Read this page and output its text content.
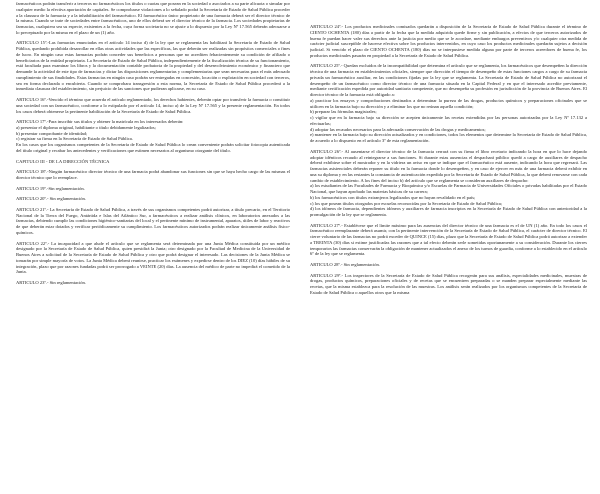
farmacéuticos podrán transferir a terceros no farmacéuticos los títulos o cuotas que posean en la sociedad o asociarlos a su parte alícuota o simular por cualquier medio la efectiva aportación de capitales. Se comprobarse violaciones a lo señalado podrá la Secretaría de Estado de Salud Pública proceder a la clausura de la farmacia y a la inhabilitación del farmacéutico. El farmacéutico único propietario de una farmacia deberá ser el director técnico de la misma. Cuando se trate de sociedades entre farmacéuticos, uno de ellos deberá ser el director técnico de la farmacia. Los sociedades propietarias de farmacias, cualquiera sea su especie, existentes a la fecha, cuya forma societaria no se ajuste a lo dispuesto por la Ley Nº 17.565 deberán adecuarse a lo preceptuado por la misma en el plazo de un (1) año.

ARTICULO 15º.-Las farmacias enunciadas en el artículo 14 inciso d) de la ley que se reglamenta las habilitará la Secretaría de Estado de Salud Pública, quedando prohibida desarrollar en ellas otras actividades que las específicas, las que deberán ser realizadas sin propósitos comerciales o fines de lucro. En ningún caso estas farmacias podrán conceder sus beneficios a personas que no acrediten fehacientemente su condición de afiliado o beneficiarios de la entidad propietaria. La Secretaría de Estado de Salud Pública, independientemente de la fiscalización técnica de su funcionamiento, está facultada para examinar los libros y la documentación contable probatoria de la propiedad y del desenvolvimiento económico y financiero que demande la actividad de este tipo de farmacias y dictar las disposiciones reglamentarias y complementarias que sean necesarias para el más adecuado cumplimiento de sus finalidades. Estas farmacias en ningún caso podrán ser entregadas en concesión, locación o explotación en sociedad con terceros, sea en forma declarada o encubierta. Cuando se comprobara transgresión a esta norma, la Secretaría de Estado de Salud Pública procederá a la inmediata clausura del establecimiento, sin perjuicio de las sanciones que pudieran aplicarse, en su caso.

ARTICULO 16º.-Vencido el término que acuerda el artículo reglamentado, los derechos habientes, deberán optar por transferir la farmacia o constituir una sociedad con un farmacéutico, conforme a lo estipulado por el artículo 14, inciso a) de la Ley Nº 17.565 y la presente reglamentación. En todos los casos deberá obtenerse la pertinente habilitación de la Secretaría de Estado de Salud Pública.

ARTICULO 17º.-Para inscribir sus títulos y obtener la matrícula en los interesados deberán:
a) presentar el diploma original, habilitante o título debidamente legalizados;
b) presentar comprobante de identidad;
c) registrar su firma en la Secretaría de Estado de Salud Pública.
En los casos que los organismos competentes de la Secretaría de Estado de Salud Pública lo crean conveniente podrán solicitar fotocopia autenticada del título original y recabar los antecedentes y verificaciones que estimen necesarios al organismo otorgante del título.

CAPITULO III - DE LA DIRECCIÓN TÉCNICA

ARTICULO 18º.-Ningún farmacéutico director técnico de una farmacia podrá abandonar sus funciones sin que se haya hecho cargo de las mismas el director técnico que lo reemplace.

ARTICULO 19º.-Sin reglamentación.

ARTICULO 20º.- Sin reglamentación.

ARTICULO 21º.- La Secretaría de Estado de Salud Pública, a través de sus organismos competentes podrá autorizar, a título precario, en el Territorio Nacional de la Tierra del Fuego, Antártida e Islas del Atlántico Sur, a farmacéuticos a realizar análisis clínicos, en laboratorios anexados a las farmacias, debiendo cumplir las condiciones higiénico-sanitarias del local y el pertinente mínimo de instrumental, aparatos, útiles de labor y reactivos de que deberán estar dotados y verificar periódicamente su cumplimiento. Los farmacéuticos autorizados podrán realizar únicamente análisis físico-químicos.

ARTICULO 22º.- La incapacidad a que alude el artículo que se reglamenta será determinada por una Junta Médica constituida por un médico designado por la Secretaría de Estado de Salud Pública, quien presidirá la Junta; otro designado por la Facultad de Medicina de la Universidad de Buenos Aires a solicitud de la Secretaría de Estado de Salud Pública y otro que podrá designar el interesado. Las decisiones de la Junta Médica se tomarán por simple mayoría de votos. La Junta Médica deberá reunirse, practicar los exámenes y expedirse dentro de los DIEZ (10) días hábiles de su integración, plazo que por razones fundadas podrá ser prorrogado a VEINTE (20) días. La ausencia del médico de parte no impedirá el cometido de la Junta.

ARTICULO 23º.- Sin reglamentación.

ARTICULO 24º.- Los productos medicinales comisados quedarán a disposición de la Secretaría de Estado de Salud Pública durante el término de CIENTO OCHENTA (180) días a partir de la fecha que la medida adquirida quede firme y sin publicación, a efectos de que terceros autorizados de buena fe puedan hacer valer sus derechos ante la justicia por medio que se le acordare, mediante embargos preventivos y/o cualquier otra medida de carácter judicial susceptible de hacerse efectiva sobre los productos intervenidos, en cuyo caso los productos medicinales quedarán sujetos a decisión judicial. Si vencido el plazo de CIENTO OCHENTA (180) días no se interpusiese medida alguna por parte de terceros acreedores de buena fe, los productos medicinales pasarán en propiedad a la Secretaría de Estado de Salud Pública.

ARTICULO 25º.- Quedan excluidos de la incompatibilidad que determina el artículo que se reglamenta, los farmacéuticos que desempeñen la dirección técnica de una farmacia en establecimientos oficiales, siempre que dirección el tiempo de desempeño de estas funciones cargos a cargo de su farmacia privada un farmacéutico auxiliar, en las condiciones fijadas por la ley que se reglamenta. La Secretaría de Estado de Salud Pública no autorizará el desempeño de un farmacéutico como director técnico de una farmacia situada en la Capital Federal y en que el interesado acredite previamente, mediante certificación expedida por autoridad sanitaria competente, que no desempeña su profesión en jurisdicción de la provincia de Buenos Aires. El director técnico de la farmacia está obligado a:
a) practicar los ensayos y comprobaciones destinados a determinar la pureza de las drogas, productos químicos y preparaciones oficinales que se utilicen en la farmacia bajo su dirección y a eliminar los que no reúnan aquella condición;
b) preparar las fórmulas magistrales;
c) vigilar que en la farmacia bajo su dirección se acepten únicamente las recetas extendidas por las personas autorizadas por la Ley Nº 17.132 a efectuarlas;
d) adoptar las recaudos necesarios para la adecuada conservación de las drogas y medicamentos;
e) mantener en la farmacia bajo su dirección actualizados y en condiciones, todos los elementos que determine la Secretaría de Estado de Salud Pública, de acuerdo a lo dispuesto en el artículo 3º de esta reglamentación.
ARTICULO 26º.- Al ausentarse el director técnico de la farmacia cerrará con su firma el libro recetario indicando la hora en que lo hace dejando adoptar idénticos recaudo al reintegrarse a sus funciones. Si durante estas ausencias el despachará público quedó a cargo de auxiliares de despacho deberá exhibirse sobre el mostrador y en la vidriera un aviso en que se indique que el farmacéutico está ausente, indicando la hora que regresará. Las farmacias asistenciales deberán reponer su título en la farmacia donde lo desempeñen, y en caso de ejercer en más de una farmacia deberá exhibir en una su diploma y en las restantes la constancia de autenticación expedida por la Secretaría de Estado de Salud Pública, la que deberá renovarse con cada cambio de establecimiento. A los fines del inciso b) del artículo que se reglamenta se consideran auxiliares de despacho:
a) los estudiantes de las Facultades de Farmacia y Bioquímica y/o Escuelas de Farmacia de Universidades Oficiales o privadas habilitadas por el Estado Nacional, que hayan aprobado las materias básicas de su carrera;
b) los farmacéuticos con títulos extranjeros legalizados que no hayan revalidado en el país;
c) los que posean títulos otorgados por escuelas reconocidas por la Secretaría de Estado de Salud Pública;
d) los idóneos de farmacia, dependientes idóneos y auxiliares de farmacia inscriptos en la Secretaría de Estado de Salud Pública con anterioridad a la promulgación de la ley que se reglamenta.

ARTICULO 27º.- Establécese que el límite máximo para las ausencias del director técnico de una farmacia es el de UN (1) año. En todo los casos el farmacéutico reemplazante deberá asumir, con la pertinente intervención de la Secretaría de Estado de Salud Pública, el carácter de director técnico. El cierre voluntario de las farmacias no podrá exceder de QUINCE (15) días, plazo que la Secretaría de Estado de Salud Pública podrá autorizar a extender a TREINTA (30) días si estime justificadas las razones que a tal efecto deberán serle sometidas oportunamente a su consideración. Durante los cierres temporarios las farmacias conservarán la obligación de mantener actualizados el anexo de los turnos de guardia, conforme a lo establecido en el artículo 6º de la ley que se reglamenta.

ARTICULO 28º.- Sin reglamentación.

ARTICULO 29º.- Los inspectores de la Secretaría de Estado de Salud Pública recogerán para sus análisis, especialidades medicinales, muestras de drogas, productos químicos, preparaciones oficiales y de recetas que se encuentren preparadas o se manden preparar especialmente mediante las recetas, que la misma establezca para la resolución de las muestras. Los análisis serán realizados por los organismos competentes de la Secretaría de Estado de Salud Pública o aquellos otros que la misma
